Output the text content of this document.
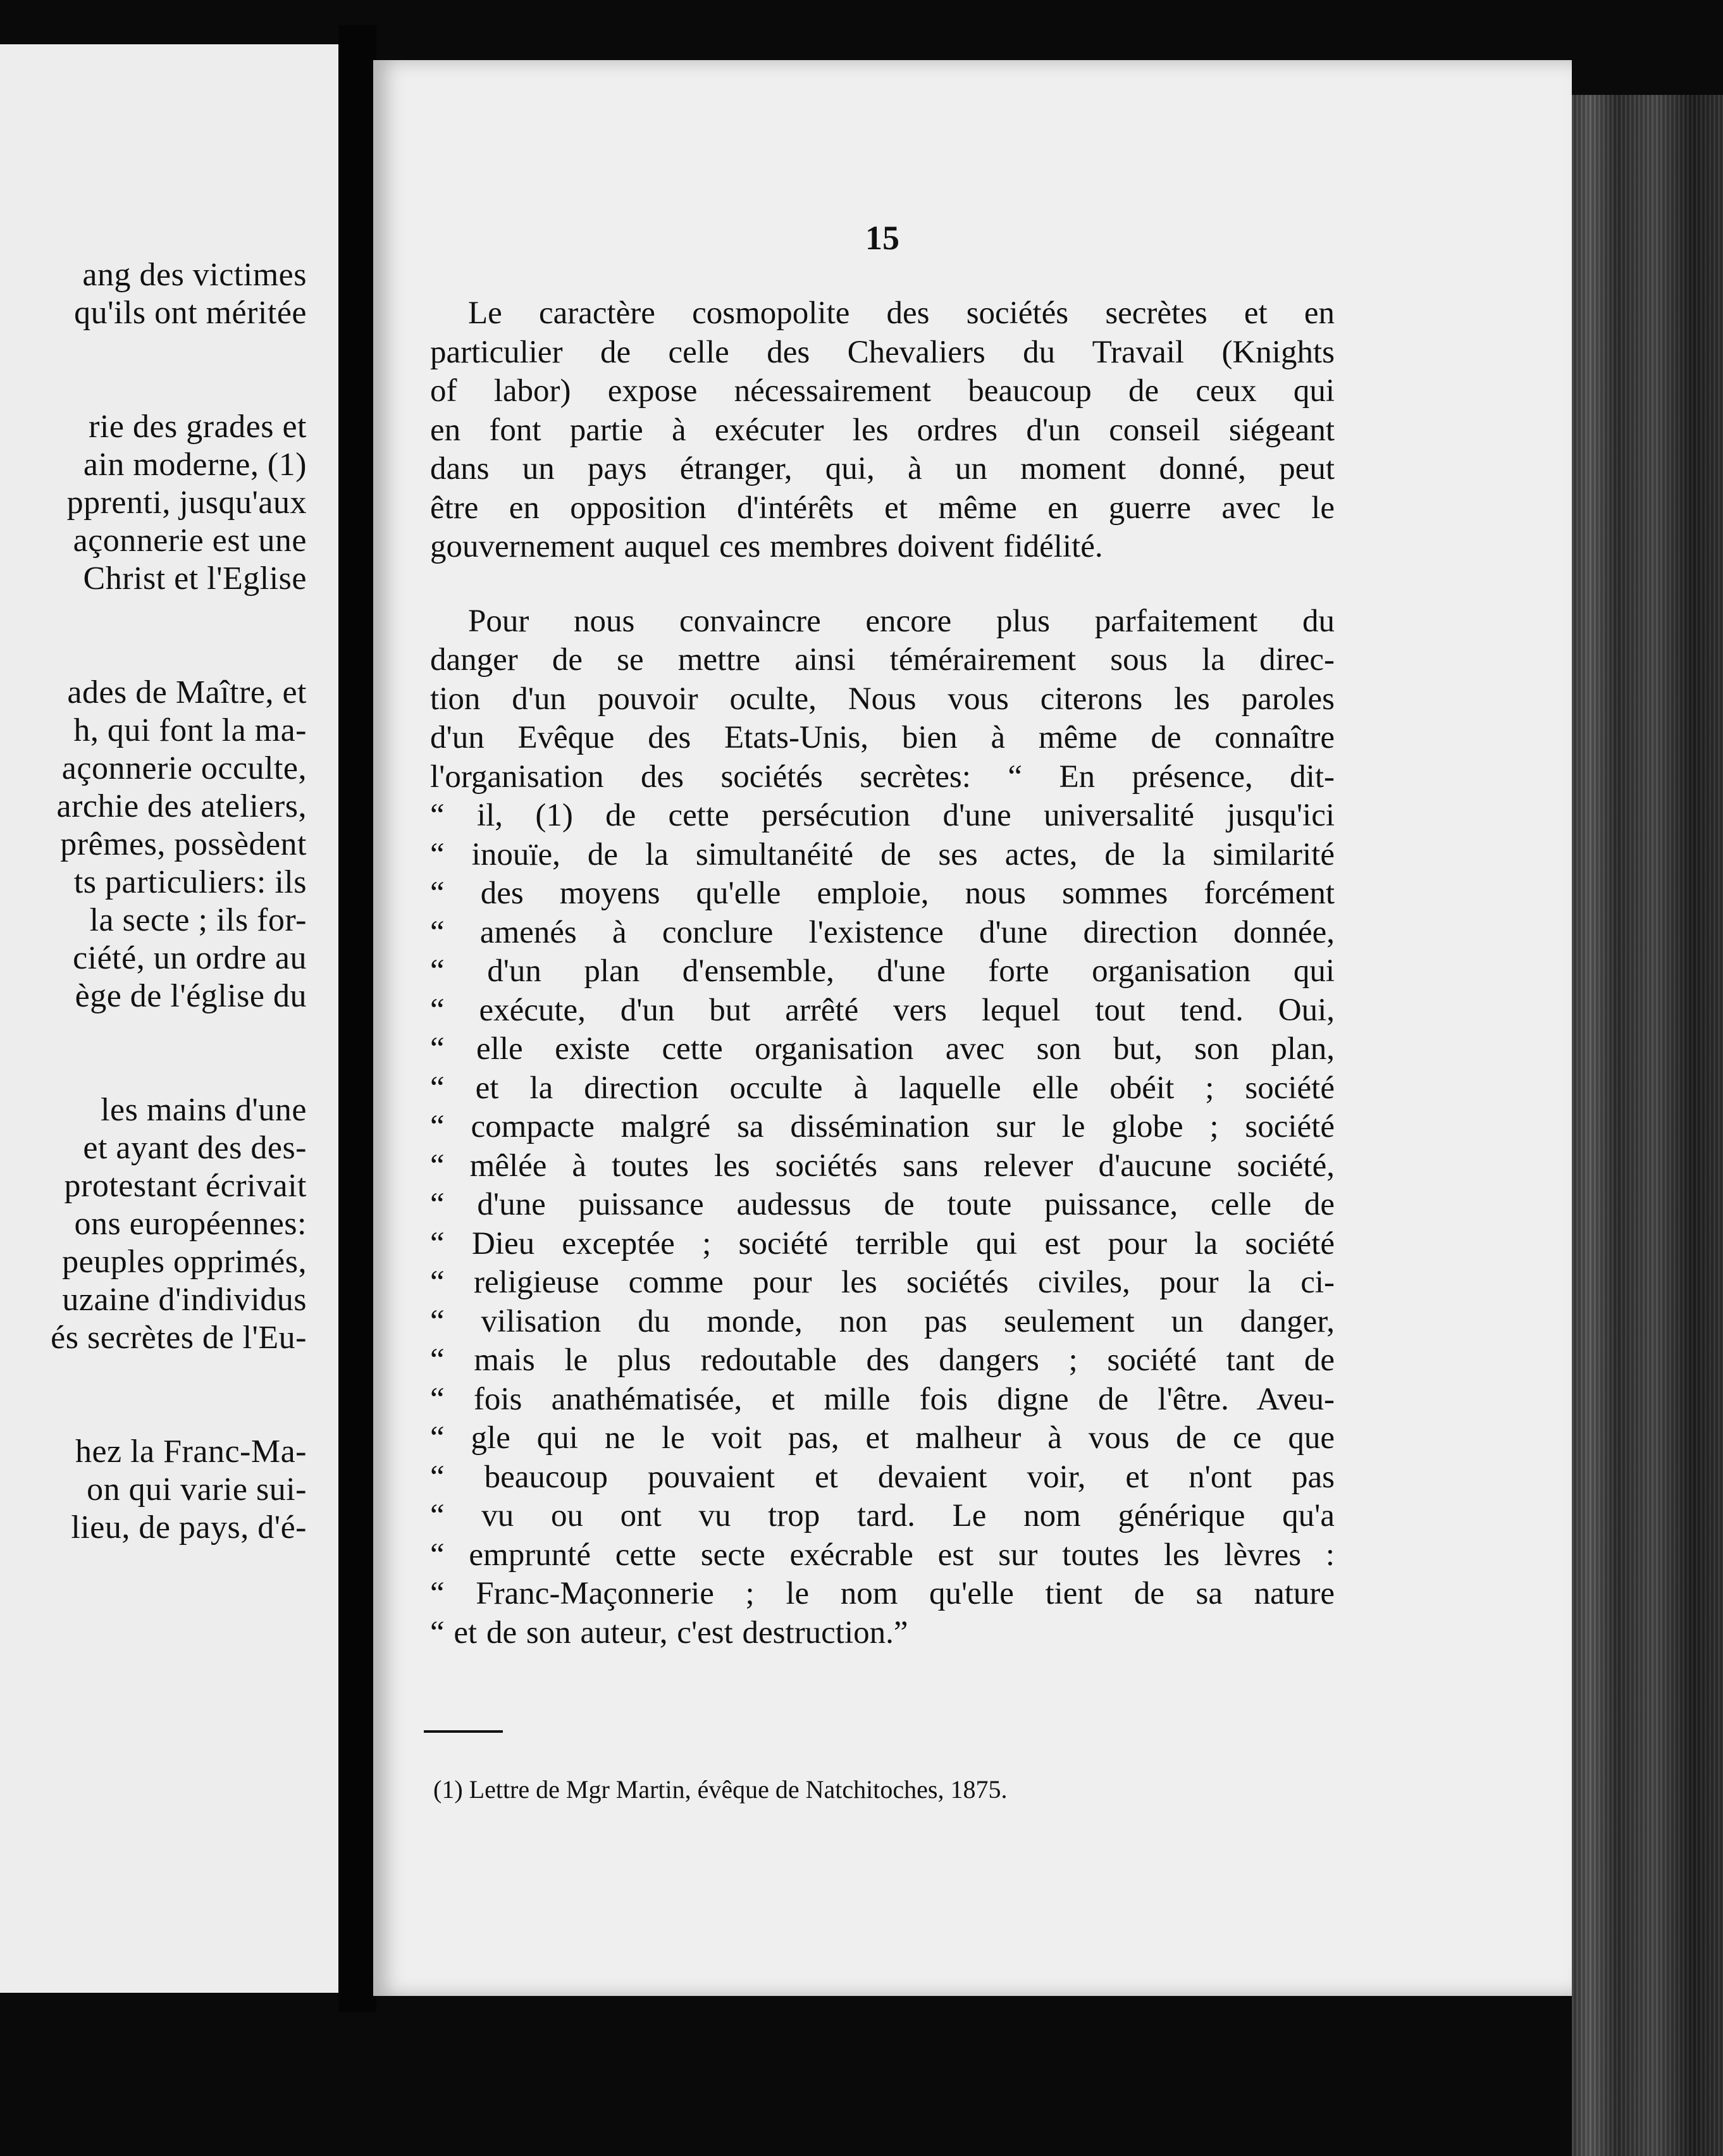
ang des victimes
qu'ils ont méritée
rie des grades et
ain moderne, (1)
pprenti, jusqu'aux
açonnerie est une
Christ et l'Eglise
ades de Maître, et
h, qui font la ma-
açonnerie occulte,
archie des ateliers,
prêmes, possèdent
ts particuliers: ils
la secte ; ils for-
ciété, un ordre au
ège de l'église du
les mains d'une
et ayant des des-
protestant écrivait
ons européennes:
peuples opprimés,
uzaine d'individus
és secrètes de l'Eu-
hez la Franc-Ma-
on qui varie sui-
lieu, de pays, d'é-
15
Le caractère cosmopolite des sociétés secrètes et en
particulier de celle des Chevaliers du Travail (Knights
of labor) expose nécessairement beaucoup de ceux qui
en font partie à exécuter les ordres d'un conseil siégeant
dans un pays étranger, qui, à un moment donné, peut
être en opposition d'intérêts et même en guerre avec le
gouvernement auquel ces membres doivent fidélité.
Pour nous convaincre encore plus parfaitement du
danger de se mettre ainsi témérairement sous la direc-
tion d'un pouvoir oculte, Nous vous citerons les paroles
d'un Evêque des Etats-Unis, bien à même de connaître
l'organisation des sociétés secrètes: “ En présence, dit-
“ il, (1) de cette persécution d'une universalité jusqu'ici
“ inouïe, de la simultanéité de ses actes, de la similarité
“ des moyens qu'elle emploie, nous sommes forcément
“ amenés à conclure l'existence d'une direction donnée,
“ d'un plan d'ensemble, d'une forte organisation qui
“ exécute, d'un but arrêté vers lequel tout tend. Oui,
“ elle existe cette organisation avec son but, son plan,
“ et la direction occulte à laquelle elle obéit ; société
“ compacte malgré sa dissémination sur le globe ; société
“ mêlée à toutes les sociétés sans relever d'aucune société,
“ d'une puissance audessus de toute puissance, celle de
“ Dieu exceptée ; société terrible qui est pour la société
“ religieuse comme pour les sociétés civiles, pour la ci-
“ vilisation du monde, non pas seulement un danger,
“ mais le plus redoutable des dangers ; société tant de
“ fois anathématisée, et mille fois digne de l'être. Aveu-
“ gle qui ne le voit pas, et malheur à vous de ce que
“ beaucoup pouvaient et devaient voir, et n'ont pas
“ vu ou ont vu trop tard. Le nom générique qu'a
“ emprunté cette secte exécrable est sur toutes les lèvres :
“ Franc-Maçonnerie ; le nom qu'elle tient de sa nature
“ et de son auteur, c'est destruction.”
(1) Lettre de Mgr Martin, évêque de Natchitoches, 1875.
